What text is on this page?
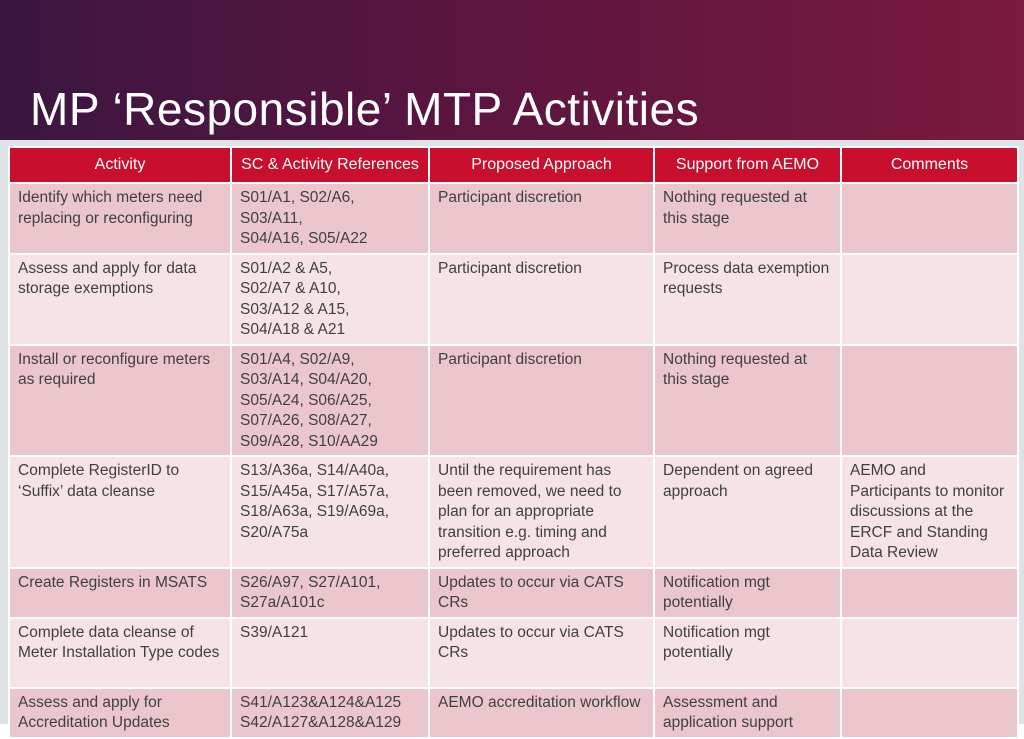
MP ‘Responsible’ MTP Activities
Activity	SC & Activity References	Proposed Approach	Support from AEMO	Comments
Identify which meters need replacing or reconfiguring	S01/A1, S02/A6, S03/A11,
S04/A16, S05/A22	Participant discretion	Nothing requested at this stage	
Assess and apply for data storage exemptions	S01/A2 & A5,
S02/A7 & A10,
S03/A12 & A15,
S04/A18 & A21	Participant discretion	Process data exemption requests	
Install or reconfigure meters as required	S01/A4, S02/A9,
S03/A14, S04/A20,
S05/A24, S06/A25,
S07/A26, S08/A27,
S09/A28, S10/AA29	Participant discretion	Nothing requested at this stage	
Complete RegisterID to ‘Suffix’ data cleanse	S13/A36a, S14/A40a,
S15/A45a, S17/A57a,
S18/A63a, S19/A69a,
S20/A75a	Until the requirement has been removed, we need to plan for an appropriate transition e.g. timing and preferred approach	Dependent on agreed approach	AEMO and Participants to monitor discussions at the ERCF and Standing Data Review
Create Registers in MSATS	S26/A97, S27/A101,
S27a/A101c	Updates to occur via CATS CRs	Notification mgt potentially	
Complete data cleanse of Meter Installation Type codes	S39/A121	Updates to occur via CATS CRs	Notification mgt potentially	
Assess and apply for Accreditation Updates	S41/A123&A124&A125
S42/A127&A128&A129	AEMO accreditation workflow	Assessment and application support	
